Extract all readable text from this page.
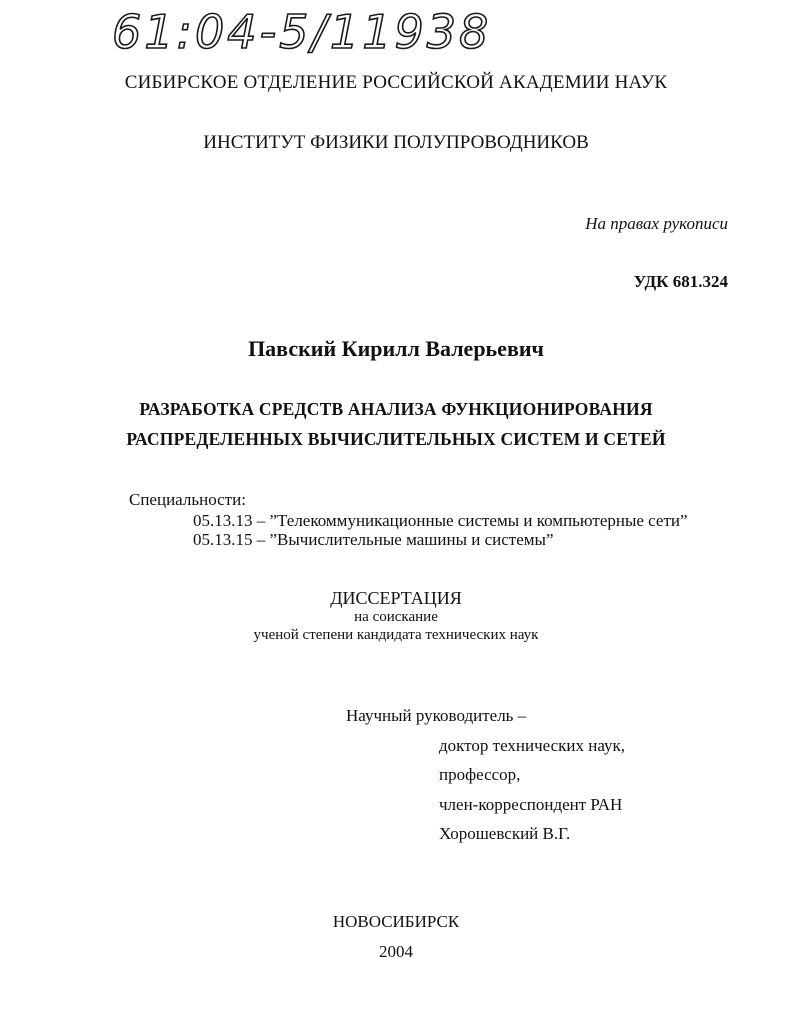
61:04-5/11938
СИБИРСКОЕ ОТДЕЛЕНИЕ РОССИЙСКОЙ АКАДЕМИИ НАУК
ИНСТИТУТ ФИЗИКИ ПОЛУПРОВОДНИКОВ
На правах рукописи
УДК 681.324
Павский Кирилл Валерьевич
РАЗРАБОТКА СРЕДСТВ АНАЛИЗА ФУНКЦИОНИРОВАНИЯ
РАСПРЕДЕЛЕННЫХ ВЫЧИСЛИТЕЛЬНЫХ СИСТЕМ И СЕТЕЙ
Специальности:
05.13.13 – ”Телекоммуникационные системы и компьютерные сети”
05.13.15 – ”Вычислительные машины и системы”
ДИССЕРТАЦИЯ
на соискание
ученой степени кандидата технических наук
Научный руководитель –
доктор технических наук,
профессор,
член-корреспондент РАН
Хорошевский В.Г.
НОВОСИБИРСК
2004
